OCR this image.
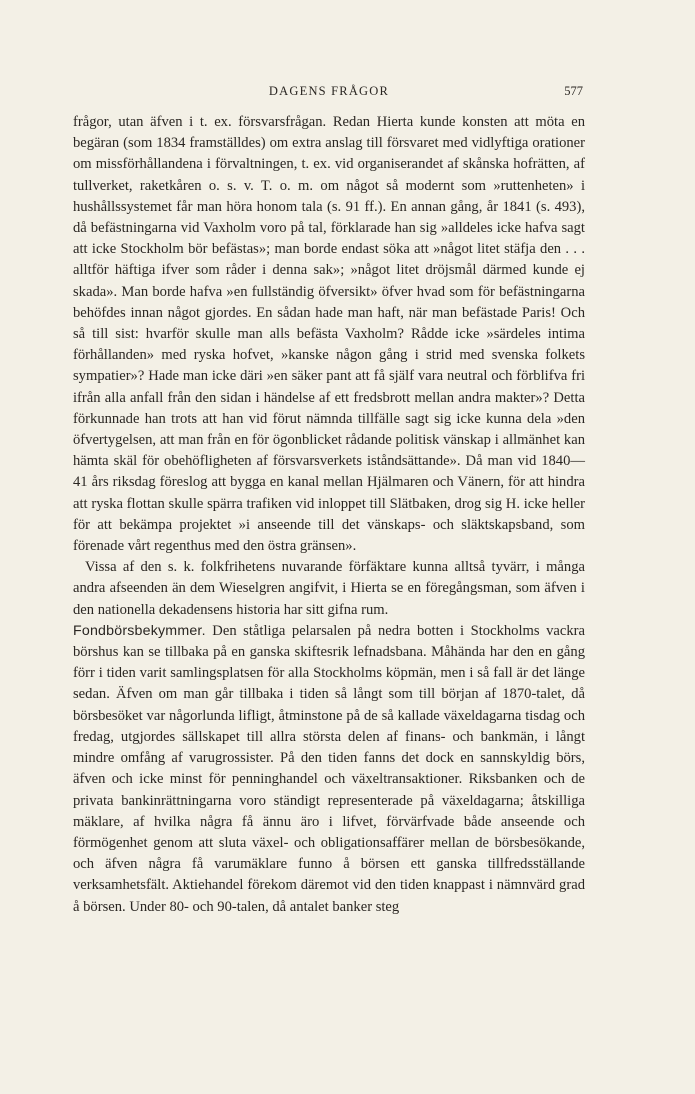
DAGENS FRÅGOR	577

frågor, utan äfven i t. ex. försvarsfrågan. Redan Hierta kunde konsten att möta en begäran (som 1834 framställdes) om extra anslag till försvaret med vidlyftiga orationer om missförhållandena i förvaltningen, t. ex. vid organiserandet af skånska hofrätten, af tullverket, raketkåren o. s. v. T. o. m. om något så modernt som »ruttenheten» i hushållssystemet får man höra honom tala (s. 91 ff.). En annan gång, år 1841 (s. 493), då befästningarna vid Vaxholm voro på tal, förklarade han sig »alldeles icke hafva sagt att icke Stockholm bör befästas»; man borde endast söka att »något litet stäfja den . . . alltför häftiga ifver som råder i denna sak»; »något litet dröjsmål därmed kunde ej skada». Man borde hafva »en fullständig öfversikt» öfver hvad som för befästningarna behöfdes innan något gjordes. En sådan hade man haft, när man befästade Paris! Och så till sist: hvarför skulle man alls befästa Vaxholm? Rådde icke »särdeles intima förhållanden» med ryska hofvet, »kanske någon gång i strid med svenska folkets sympatier»? Hade man icke däri »en säker pant att få själf vara neutral och förblifva fri ifrån alla anfall från den sidan i händelse af ett fredsbrott mellan andra makter»? Detta förkunnade han trots att han vid förut nämnda tillfälle sagt sig icke kunna dela »den öfvertygelsen, att man från en för ögonblicket rådande politisk vänskap i allmänhet kan hämta skäl för obehöfligheten af försvarsverkets iståndsättande». Då man vid 1840—41 års riksdag föreslog att bygga en kanal mellan Hjälmaren och Vänern, för att hindra att ryska flottan skulle spärra trafiken vid inloppet till Slätbaken, drog sig H. icke heller för att bekämpa projektet »i anseende till det vänskaps- och släktskapsband, som förenade vårt regenthus med den östra gränsen».

Vissa af den s. k. folkfrihetens nuvarande förfäktare kunna alltså tyvärr, i många andra afseenden än dem Wieselgren angifvit, i Hierta se en föregångsman, som äfven i den nationella dekadensens historia har sitt gifna rum.

Fondbörsbekymmer. Den ståtliga pelarsalen på nedra botten i Stockholms vackra börshus kan se tillbaka på en ganska skiftesrik lefnadsbana. Måhända har den en gång förr i tiden varit samlingsplatsen för alla Stockholms köpmän, men i så fall är det länge sedan. Äfven om man går tillbaka i tiden så långt som till början af 1870-talet, då börsbesöket var någorlunda lifligt, åtminstone på de så kallade växeldagarna tisdag och fredag, utgjordes sällskapet till allra största delen af finans- och bankmän, i långt mindre omfång af varugrossister. På den tiden fanns det dock en sannskyldig börs, äfven och icke minst för penninghandel och växeltransaktioner. Riksbanken och de privata bankinrättningarna voro ständigt representerade på växeldagarna; åtskilliga mäklare, af hvilka några få ännu äro i lifvet, förvärfvade både anseende och förmögenhet genom att sluta växel- och obligationsaffärer mellan de börsbesökande, och äfven några få varumäklare funno å börsen ett ganska tillfredsställande verksamhetsfält. Aktiehandel förekom däremot vid den tiden knappast i nämnvärd grad å börsen. Under 80- och 90-talen, då antalet banker steg
